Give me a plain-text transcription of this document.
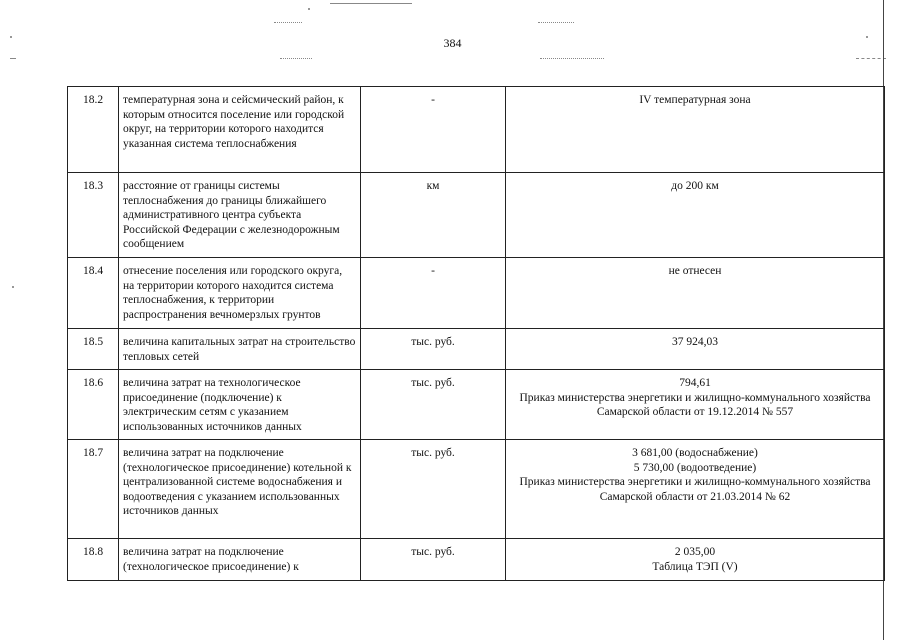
384
18.2	температурная зона и сейсмический район, к которым относится поселение или городской округ, на территории которого находится указанная система теплоснабжения	-	IV температурная зона

18.3	расстояние от границы системы теплоснабжения до границы ближайшего административного центра субъекта Российской Федерации с железнодорожным сообщением	км	до 200 км

18.4	отнесение поселения или городского округа, на территории которого находится система теплоснабжения, к территории распространения вечномерзлых грунтов	-	не отнесен

18.5	величина капитальных затрат на строительство тепловых сетей	тыс. руб.	37 924,03

18.6	величина затрат на технологическое присоединение (подключение) к электрическим сетям с указанием использованных источников данных	тыс. руб.	794,61
Приказ министерства энергетики и жилищно-коммунального хозяйства Самарской области от 19.12.2014 № 557

18.7	величина затрат на подключение (технологическое присоединение) котельной к централизованной системе водоснабжения и водоотведения с указанием использованных источников данных	тыс. руб.	3 681,00 (водоснабжение)
5 730,00 (водоотведение)
Приказ министерства энергетики и жилищно-коммунального хозяйства Самарской области от 21.03.2014 № 62

18.8	величина затрат на подключение (технологическое присоединение) к	тыс. руб.	2 035,00
Таблица ТЭП (V)
